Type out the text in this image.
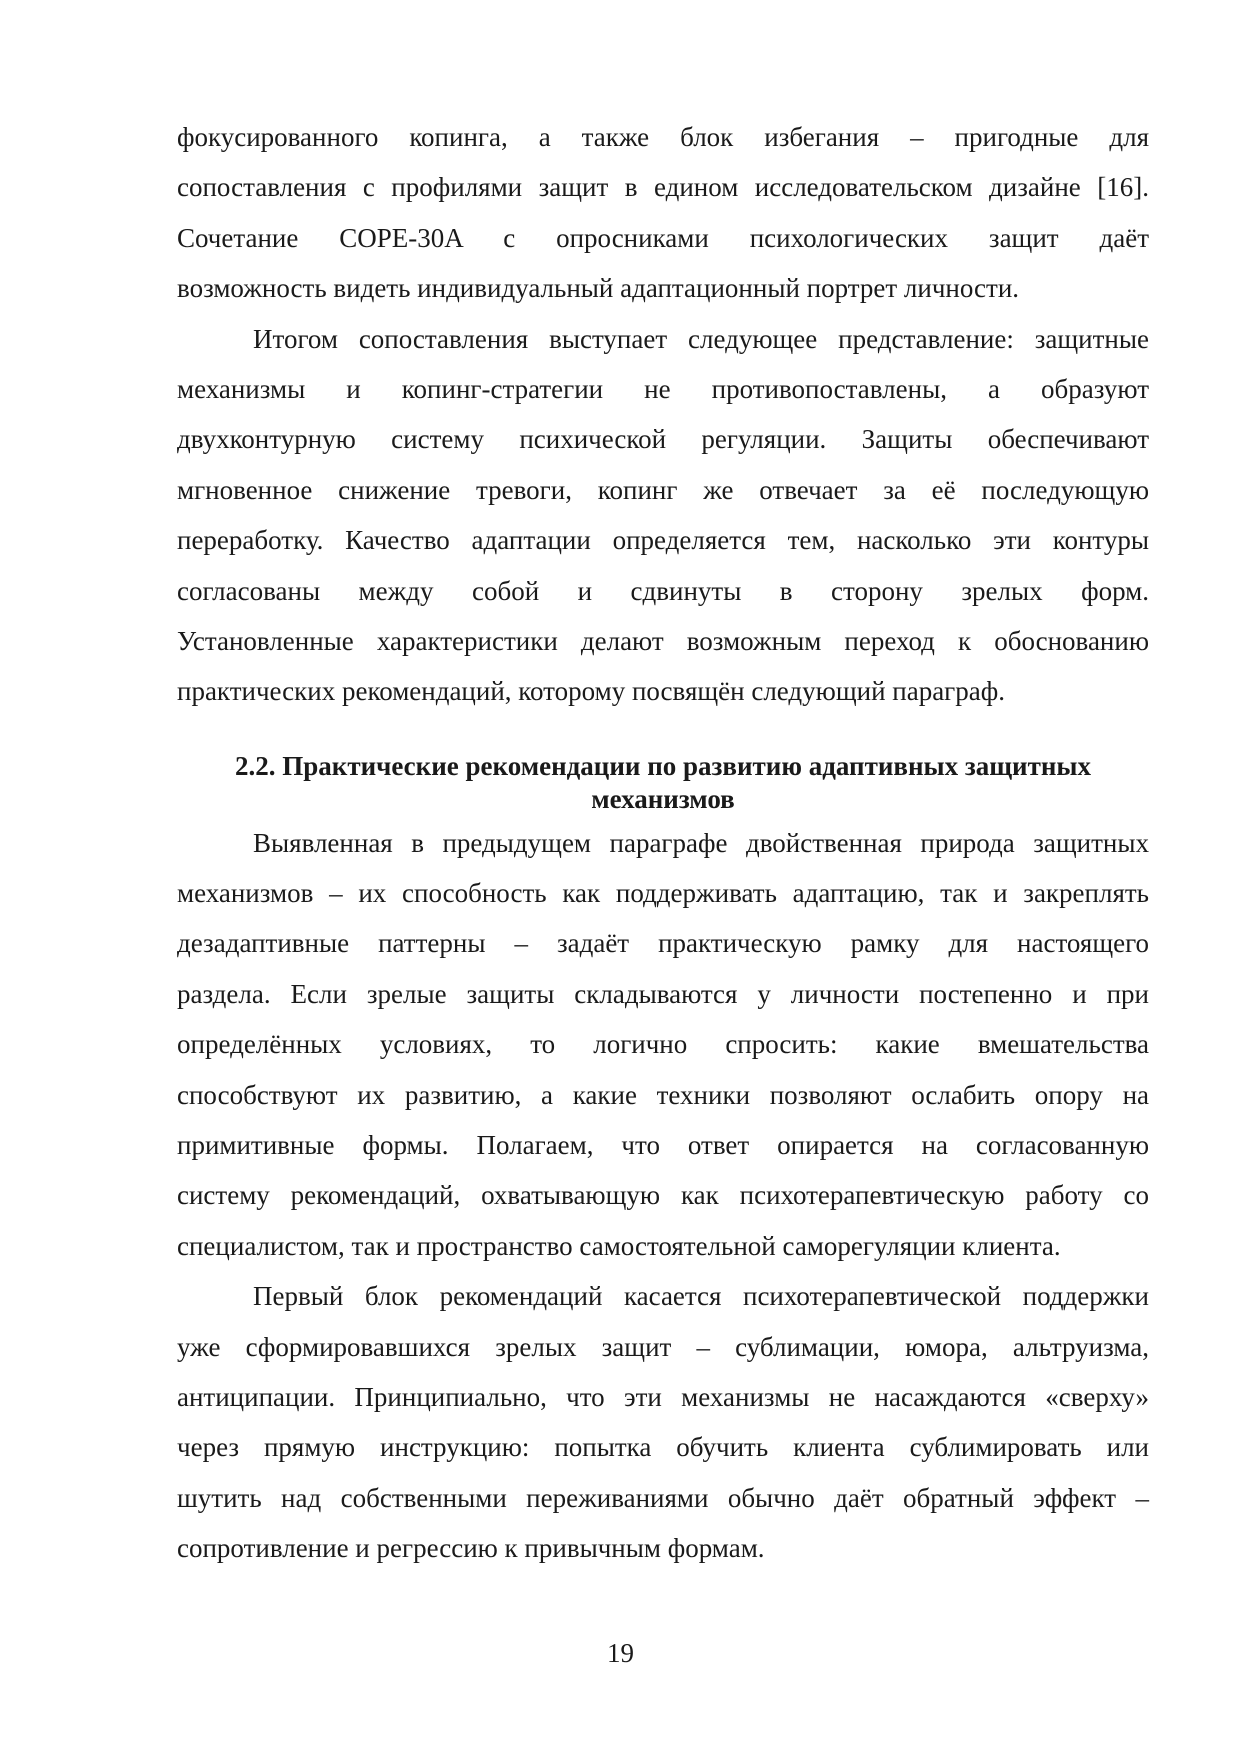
фокусированного копинга, а также блок избегания – пригодные для
сопоставления с профилями защит в едином исследовательском дизайне [16].
Сочетание COPE-30A с опросниками психологических защит даёт
возможность видеть индивидуальный адаптационный портрет личности.

Итогом сопоставления выступает следующее представление: защитные
механизмы и копинг-стратегии не противопоставлены, а образуют
двухконтурную систему психической регуляции. Защиты обеспечивают
мгновенное снижение тревоги, копинг же отвечает за её последующую
переработку. Качество адаптации определяется тем, насколько эти контуры
согласованы между собой и сдвинуты в сторону зрелых форм.
Установленные характеристики делают возможным переход к обоснованию
практических рекомендаций, которому посвящён следующий параграф.

2.2. Практические рекомендации по развитию адаптивных защитных
механизмов

Выявленная в предыдущем параграфе двойственная природа защитных
механизмов – их способность как поддерживать адаптацию, так и закреплять
дезадаптивные паттерны – задаёт практическую рамку для настоящего
раздела. Если зрелые защиты складываются у личности постепенно и при
определённых условиях, то логично спросить: какие вмешательства
способствуют их развитию, а какие техники позволяют ослабить опору на
примитивные формы. Полагаем, что ответ опирается на согласованную
систему рекомендаций, охватывающую как психотерапевтическую работу со
специалистом, так и пространство самостоятельной саморегуляции клиента.

Первый блок рекомендаций касается психотерапевтической поддержки
уже сформировавшихся зрелых защит – сублимации, юмора, альтруизма,
антиципации. Принципиально, что эти механизмы не насаждаются «сверху»
через прямую инструкцию: попытка обучить клиента сублимировать или
шутить над собственными переживаниями обычно даёт обратный эффект –
сопротивление и регрессию к привычным формам.

19
